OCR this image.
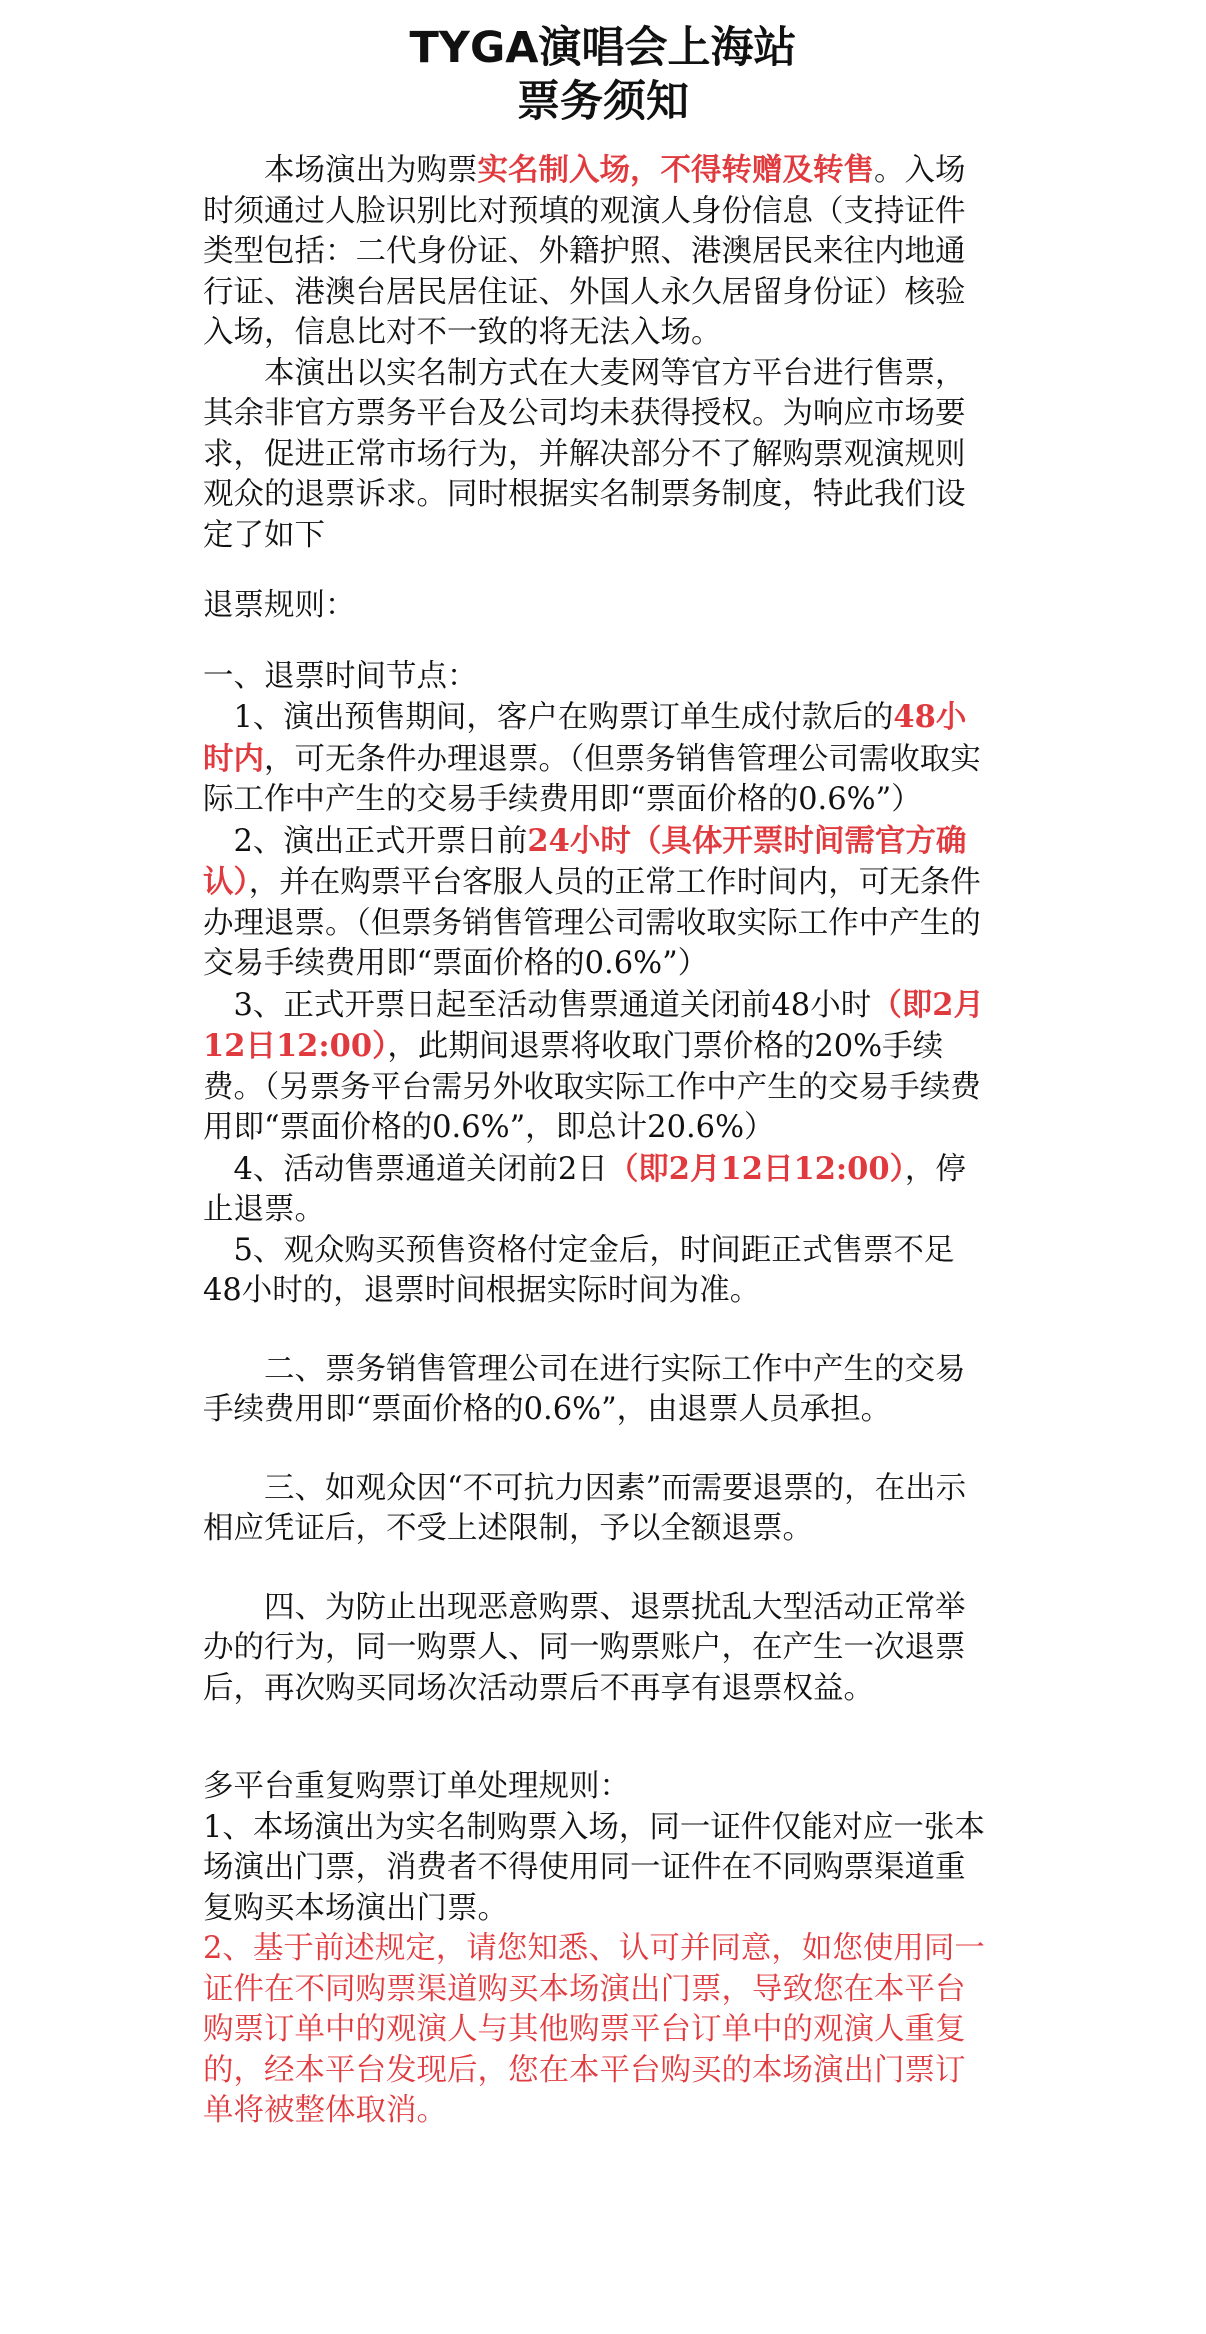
TYGA演唱会上海站
票务须知

本场演出为购票实名制入场，不得转赠及转售。入场时须通过人脸识别比对预填的观演人身份信息（支持证件类型包括：二代身份证、外籍护照、港澳居民来往内地通行证、港澳台居民居住证、外国人永久居留身份证）核验入场，信息比对不一致的将无法入场。

本演出以实名制方式在大麦网等官方平台进行售票，其余非官方票务平台及公司均未获得授权。为响应市场要求，促进正常市场行为，并解决部分不了解购票观演规则观众的退票诉求。同时根据实名制票务制度，特此我们设定了如下

退票规则：

一、退票时间节点：

1、演出预售期间，客户在购票订单生成付款后的48小时内，可无条件办理退票。（但票务销售管理公司需收取实际工作中产生的交易手续费用即“票面价格的0.6%”）

2、演出正式开票日前24小时（具体开票时间需官方确认），并在购票平台客服人员的正常工作时间内，可无条件办理退票。（但票务销售管理公司需收取实际工作中产生的交易手续费用即“票面价格的0.6%”）

3、正式开票日起至活动售票通道关闭前48小时（即2月12日12:00），此期间退票将收取门票价格的20%手续费。（另票务平台需另外收取实际工作中产生的交易手续费用即“票面价格的0.6%”，即总计20.6%）

4、活动售票通道关闭前2日（即2月12日12:00），停止退票。

5、观众购买预售资格付定金后，时间距正式售票不足48小时的，退票时间根据实际时间为准。

二、票务销售管理公司在进行实际工作中产生的交易手续费用即“票面价格的0.6%”，由退票人员承担。

三、如观众因“不可抗力因素”而需要退票的，在出示相应凭证后，不受上述限制，予以全额退票。

四、为防止出现恶意购票、退票扰乱大型活动正常举办的行为，同一购票人、同一购票账户，在产生一次退票后，再次购买同场次活动票后不再享有退票权益。

多平台重复购票订单处理规则：

1、本场演出为实名制购票入场，同一证件仅能对应一张本场演出门票，消费者不得使用同一证件在不同购票渠道重复购买本场演出门票。

2、基于前述规定，请您知悉、认可并同意，如您使用同一证件在不同购票渠道购买本场演出门票，导致您在本平台购票订单中的观演人与其他购票平台订单中的观演人重复的，经本平台发现后，您在本平台购买的本场演出门票订单将被整体取消。
